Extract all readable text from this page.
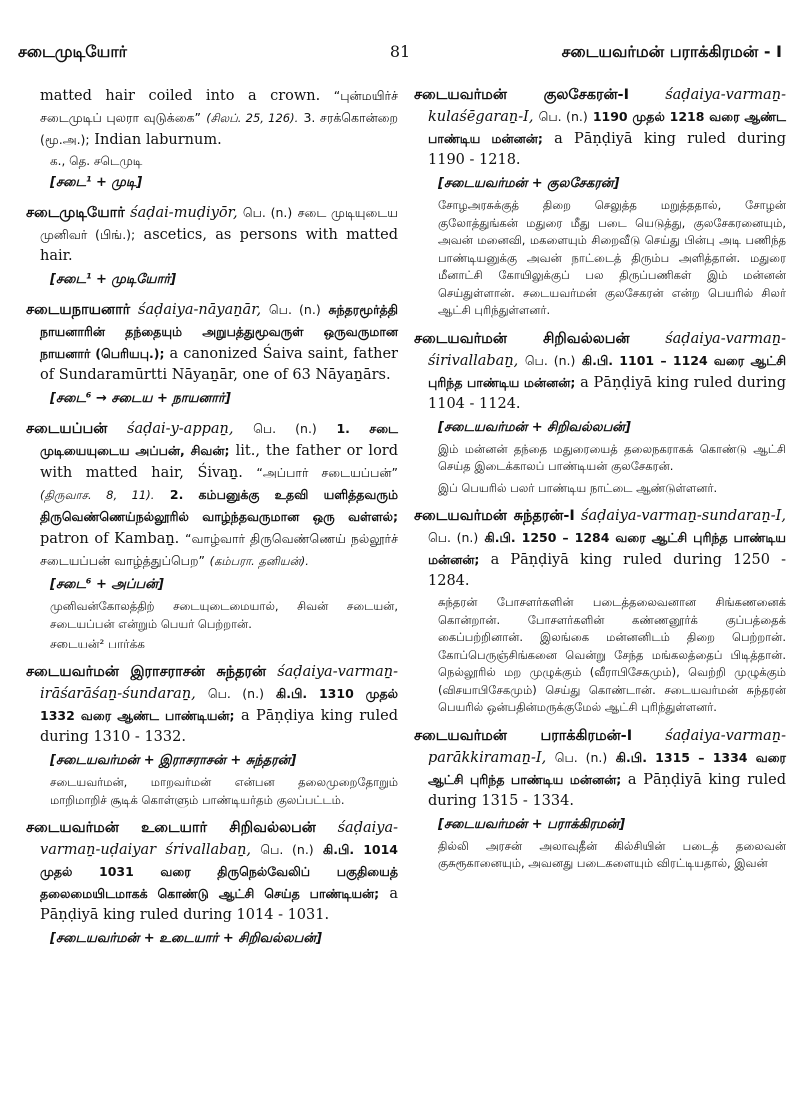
சடைமுடியோர்	81	சடையவர்மன் பராக்கிரமன் - I
matted hair coiled into a crown. “புன்மயிர்ச் சடைமுடிப் புலரா வுடுக்கை” (சிலப். 25, 126). 3. சரக்கொன்றை (மூ.அ.); Indian laburnum.
க., தெ. சடெமுடி
[சடை¹ + முடி]
சடைமுடியோர் śaḍai-muḍiyōr, பெ. (n.) சடை முடியுடைய முனிவர் (பிங்.); ascetics, as persons with matted hair.
[சடை¹ + முடியோர்]
சடையநாயனார் śaḍaiya-nāyaṉār, பெ. (n.) சுந்தரமூர்த்தி நாயனாரின் தந்தையும் அறுபத்துமூவருள் ஒருவருமான நாயனார் (பெரியபு.); a canonized Śaiva saint, father of Sundaramūrtti Nāyaṉār, one of 63 Nāyaṉārs.
[சடை⁶ → சடைய + நாயனார்]
சடையப்பன் śaḍai-y-appaṉ, பெ. (n.) 1. சடை முடியையுடைய அப்பன், சிவன்; lit., the father or lord with matted hair, Śivaṉ. “அப்பார் சடையப்பன்” (திருவாச. 8, 11). 2. கம்பனுக்கு உதவி யளித்தவரும் திருவெண்ணெய்நல்லூரில் வாழ்ந்தவருமான ஒரு வள்ளல்; patron of Kambaṉ. “வாழ்வார் திருவெண்ணெய் நல்லூர்ச் சடையப்பன் வாழ்த்துப்பெற” (கம்பரா. தனியன்).
[சடை⁶ + அப்பன்]
முனிவன்கோலத்திற் சடையுடைமையால், சிவன் சடையன், சடையப்பன் என்றும் பெயர் பெற்றான்.
சடையன்² பார்க்க
சடையவர்மன் இராசராசன் சுந்தரன் śaḍaiya-varmaṉ-irāśarāśaṉ-śundaraṉ, பெ. (n.) கி.பி. 1310 முதல் 1332 வரை ஆண்ட பாண்டியன்; a Pāṇḍiya king ruled during 1310 - 1332.
[சடையவர்மன் + இராசராசன் + சுந்தரன்]
சடையவர்மன், மாறவர்மன் என்பன தலைமுறைதோறும் மாறிமாறிச் சூடிக் கொள்ளும் பாண்டியர்தம் குலப்பட்டம்.
சடையவர்மன் உடையார் சிறிவல்லபன் śaḍaiya-varmaṉ-uḍaiyar śrivallabaṉ, பெ. (n.) கி.பி. 1014 முதல் 1031 வரை திருநெல்வேலிப் பகுதியைத் தலைமையிடமாகக் கொண்டு ஆட்சி செய்த பாண்டியன்; a Pāṇḍiyā king ruled during 1014 - 1031.
[சடையவர்மன் + உடையார் + சிறிவல்லபன்]
சடையவர்மன் குலசேகரன்-I śaḍaiya-varmaṉ-kulaśēgaraṉ-I, பெ. (n.) 1190 முதல் 1218 வரை ஆண்ட பாண்டிய மன்னன்; a Pāṇḍiyā king ruled during 1190 - 1218.
[சடையவர்மன் + குலசேகரன்]
சோழஅரசுக்குத் திறை செலுத்த மறுத்ததால், சோழன் குலோத்துங்கன் மதுரை மீது படை யெடுத்து, குலசேகரனையும், அவன் மனைவி, மகளையும் சிறைவீடு செய்து பின்பு அடி பணிந்த பாண்டியனுக்கு அவன் நாட்டைத் திரும்ப அளித்தான். மதுரை மீனாட்சி கோயிலுக்குப் பல திருப்பணிகள் இம் மன்னன் செய்துள்ளான். சடையவர்மன் குலசேகரன் என்ற பெயரில் சிலர் ஆட்சி புரிந்துள்ளனர்.
சடையவர்மன் சிறிவல்லபன் śaḍaiya-varmaṉ-śirivallabaṉ, பெ. (n.) கி.பி. 1101 – 1124 வரை ஆட்சி புரிந்த பாண்டிய மன்னன்; a Pāṇḍiyā king ruled during 1104 - 1124.
[சடையவர்மன் + சிறிவல்லபன்]
இம் மன்னன் தந்தை மதுரையைத் தலைநகராகக் கொண்டு ஆட்சி செய்த இடைக்காலப் பாண்டியன் குலசேகரன்.
இப் பெயரில் பலர் பாண்டிய நாட்டை ஆண்டுள்ளனர்.
சடையவர்மன் சுந்தரன்-I śaḍaiya-varmaṉ-sundaraṉ-I, பெ. (n.) கி.பி. 1250 – 1284 வரை ஆட்சி புரிந்த பாண்டிய மன்னன்; a Pāṇḍiyā king ruled during 1250 - 1284.
சுந்தரன் போசளர்களின் படைத்தலைவனான சிங்கணனைக் கொன்றான். போசளர்களின் கண்ணனூர்க் குப்பத்தைக் கைப்பற்றினான். இலங்கை மன்னனிடம் திறை பெற்றான். கோப்பெருஞ்சிங்கனை வென்று சேந்த மங்கலத்தைப் பிடித்தான். நெல்லூரில் மற முழுக்கும் (வீராபிசேகமும்), வெற்றி முழுக்கும் (விசயாபிசேகமும்) செய்து கொண்டான். சடையவர்மன் சுந்தரன் பெயரில் ஒன்பதின்மருக்குமேல் ஆட்சி புரிந்துள்ளனர்.
சடையவர்மன் பராக்கிரமன்-I śaḍaiya-varmaṉ-parākkiramaṉ-I, பெ. (n.) கி.பி. 1315 – 1334 வரை ஆட்சி புரிந்த பாண்டிய மன்னன்; a Pāṇḍiyā king ruled during 1315 - 1334.
[சடையவர்மன் + பராக்கிரமன்]
தில்லி அரசன் அலாவுதீன் கில்சியின் படைத் தலைவன் குசுரூகானையும், அவனது படைகளையும் விரட்டியதால், இவன்
